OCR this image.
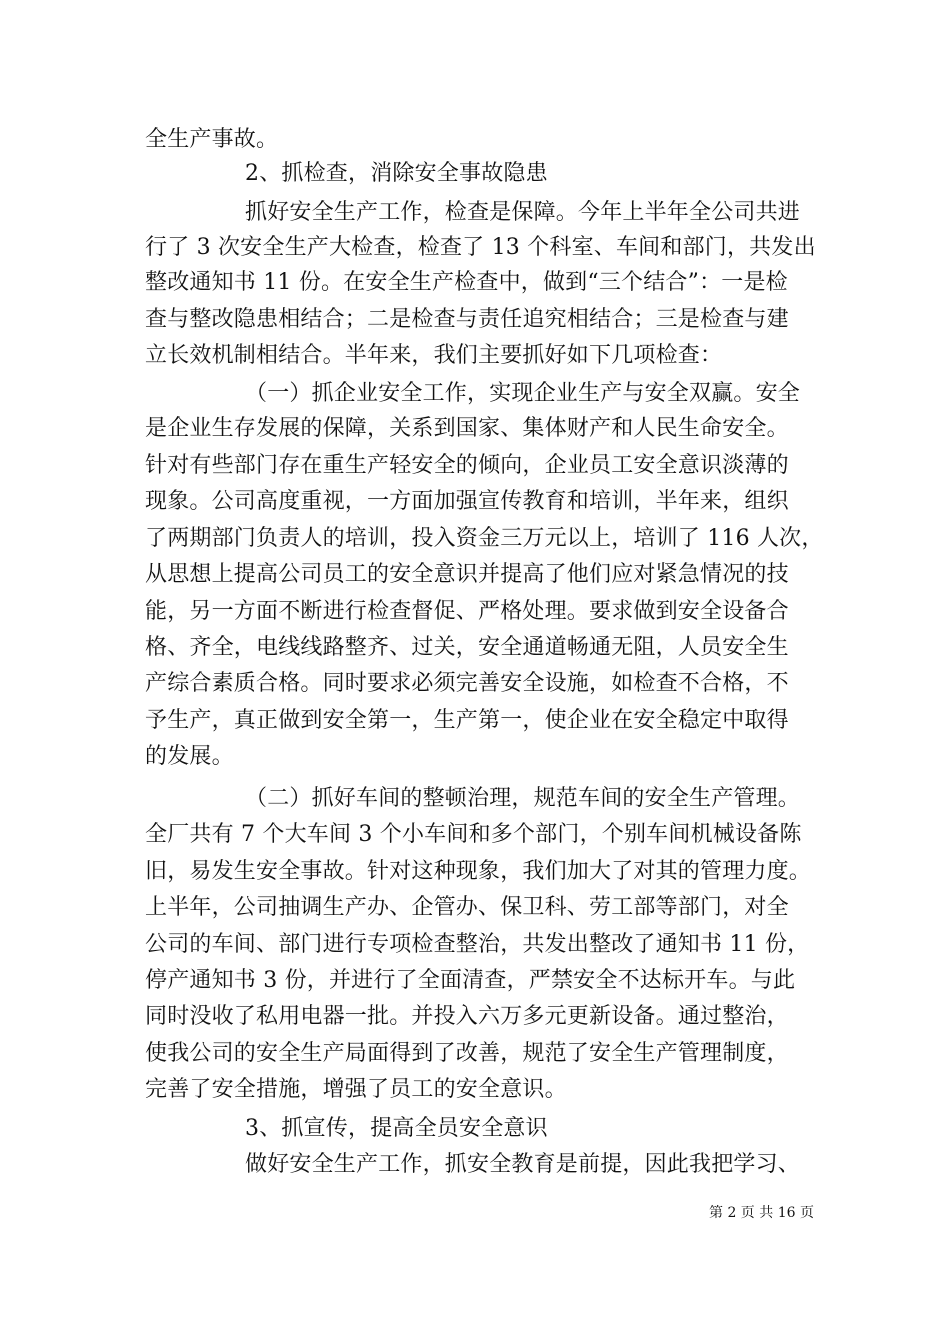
全生产事故。
2、抓检查，消除安全事故隐患
抓好安全生产工作，检查是保障。今年上半年全公司共进
行了 3 次安全生产大检查，检查了 13 个科室、车间和部门，共发出
整改通知书 11 份。在安全生产检查中，做到“三个结合”：一是检
查与整改隐患相结合；二是检查与责任追究相结合；三是检查与建
立长效机制相结合。半年来，我们主要抓好如下几项检查：
（一）抓企业安全工作，实现企业生产与安全双赢。安全
是企业生存发展的保障，关系到国家、集体财产和人民生命安全。
针对有些部门存在重生产轻安全的倾向，企业员工安全意识淡薄的
现象。公司高度重视，一方面加强宣传教育和培训，半年来，组织
了两期部门负责人的培训，投入资金三万元以上，培训了 116 人次，
从思想上提高公司员工的安全意识并提高了他们应对紧急情况的技
能，另一方面不断进行检查督促、严格处理。要求做到安全设备合
格、齐全，电线线路整齐、过关，安全通道畅通无阻，人员安全生
产综合素质合格。同时要求必须完善安全设施，如检查不合格，不
予生产，真正做到安全第一，生产第一，使企业在安全稳定中取得
的发展。
（二）抓好车间的整顿治理，规范车间的安全生产管理。
全厂共有 7 个大车间 3 个小车间和多个部门，个别车间机械设备陈
旧，易发生安全事故。针对这种现象，我们加大了对其的管理力度。
上半年，公司抽调生产办、企管办、保卫科、劳工部等部门，对全
公司的车间、部门进行专项检查整治，共发出整改了通知书 11 份，
停产通知书 3 份，并进行了全面清查，严禁安全不达标开车。与此
同时没收了私用电器一批。并投入六万多元更新设备。通过整治，
使我公司的安全生产局面得到了改善，规范了安全生产管理制度，
完善了安全措施，增强了员工的安全意识。
3、抓宣传，提高全员安全意识
做好安全生产工作，抓安全教育是前提，因此我把学习、
第 2 页 共 16 页
